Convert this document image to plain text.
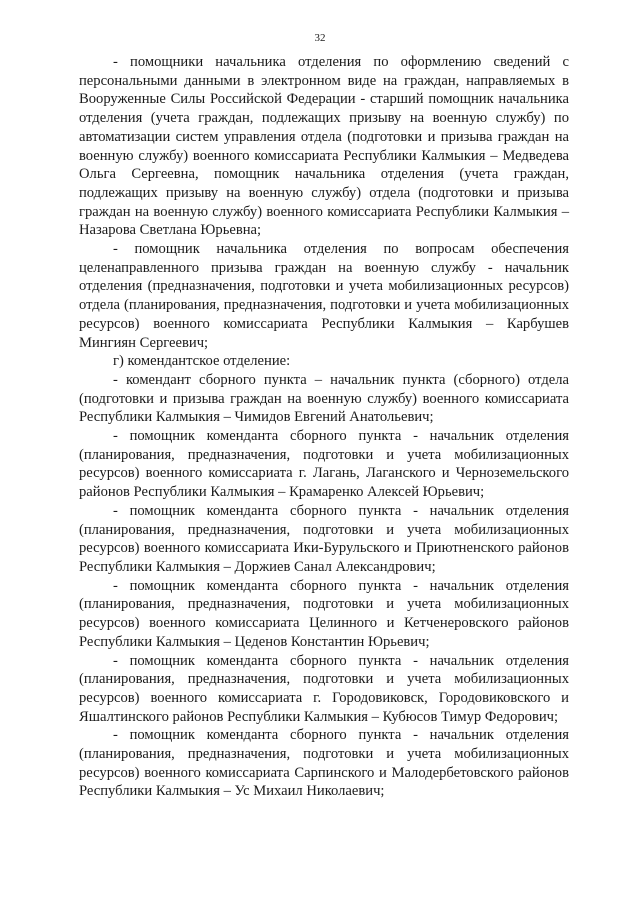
32

- помощники начальника отделения по оформлению сведений с персональными данными в электронном виде на граждан, направляемых в Вооруженные Силы Российской Федерации - старший помощник начальника отделения (учета граждан, подлежащих призыву на военную службу) по автоматизации систем управления отдела (подготовки и призыва граждан на военную службу) военного комиссариата Республики Калмыкия – Медведева Ольга Сергеевна, помощник начальника отделения (учета граждан, подлежащих призыву на военную службу) отдела (подготовки и призыва граждан на военную службу) военного комиссариата Республики Калмыкия – Назарова Светлана Юрьевна;

- помощник начальника отделения по вопросам обеспечения целенаправленного призыва граждан на военную службу - начальник отделения (предназначения, подготовки и учета мобилизационных ресурсов) отдела (планирования, предназначения, подготовки и учета мобилизационных ресурсов) военного комиссариата Республики Калмыкия – Карбушев Мингиян Сергеевич;

г) комендантское отделение:

- комендант сборного пункта – начальник пункта (сборного) отдела (подготовки и призыва граждан на военную службу) военного комиссариата Республики Калмыкия – Чимидов Евгений Анатольевич;

- помощник коменданта сборного пункта - начальник отделения (планирования, предназначения, подготовки и учета мобилизационных ресурсов) военного комиссариата г. Лагань, Лаганского и Черноземельского районов Республики Калмыкия – Крамаренко Алексей Юрьевич;

- помощник коменданта сборного пункта - начальник отделения (планирования, предназначения, подготовки и учета мобилизационных ресурсов) военного комиссариата Ики-Бурульского и Приютненского районов Республики Калмыкия – Доржиев Санал Александрович;

- помощник коменданта сборного пункта - начальник отделения (планирования, предназначения, подготовки и учета мобилизационных ресурсов) военного комиссариата Целинного и Кетченеровского районов Республики Калмыкия – Цеденов Константин Юрьевич;

- помощник коменданта сборного пункта - начальник отделения (планирования, предназначения, подготовки и учета мобилизационных ресурсов) военного комиссариата г. Городовиковск, Городовиковского и Яшалтинского районов Республики Калмыкия – Кубюсов Тимур Федорович;

- помощник коменданта сборного пункта - начальник отделения (планирования, предназначения, подготовки и учета мобилизационных ресурсов) военного комиссариата Сарпинского и Малодербетовского районов Республики Калмыкия – Ус Михаил Николаевич;
